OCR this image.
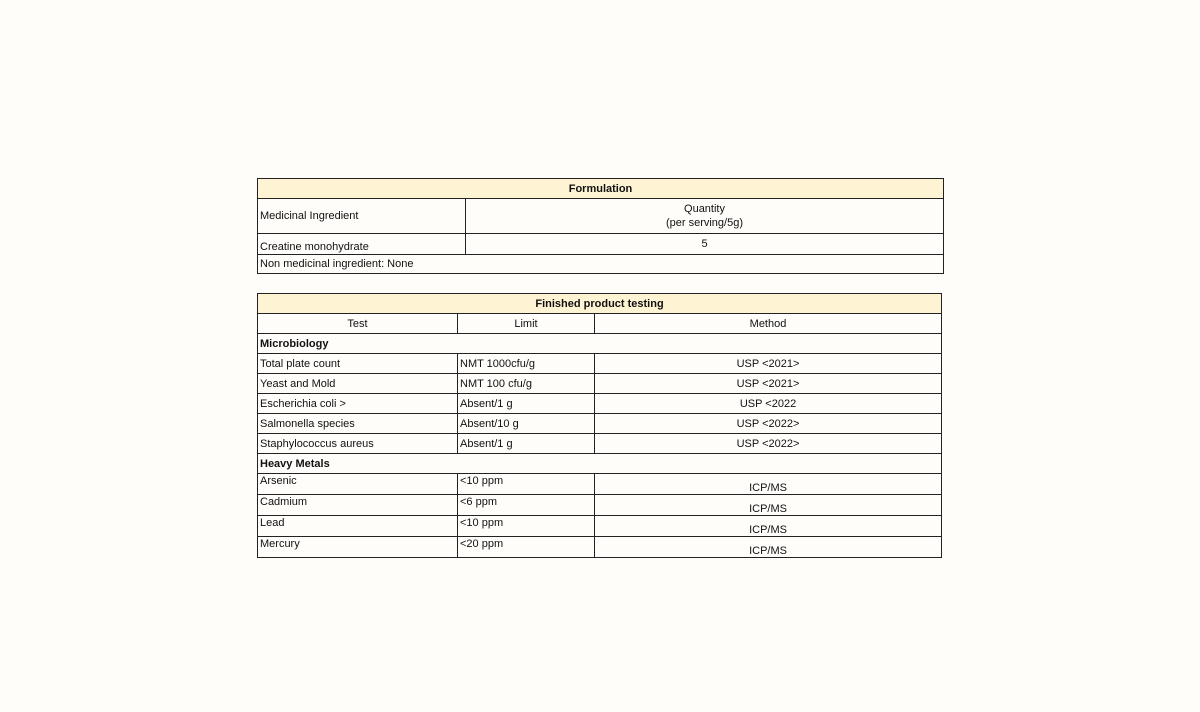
Formulation	
Medicinal Ingredient	Quantity
(per serving/5g)

Creatine monohydrate	5
Non medicinal ingredient: None	
Finished product testing		
Test	Limit	Method
Microbiology		
Total plate count	NMT 1000cfu/g	USP <2021>
Yeast and Mold	NMT 100 cfu/g	USP <2021>
Escherichia coli >	Absent/1 g	USP <2022
Salmonella species	Absent/10 g	USP <2022>
Staphylococcus aureus	Absent/1 g	USP <2022>
Heavy Metals		
Arsenic	<10 ppm	ICP/MS
Cadmium	<6 ppm	ICP/MS
Lead	<10 ppm	ICP/MS
Mercury	<20 ppm	ICP/MS
